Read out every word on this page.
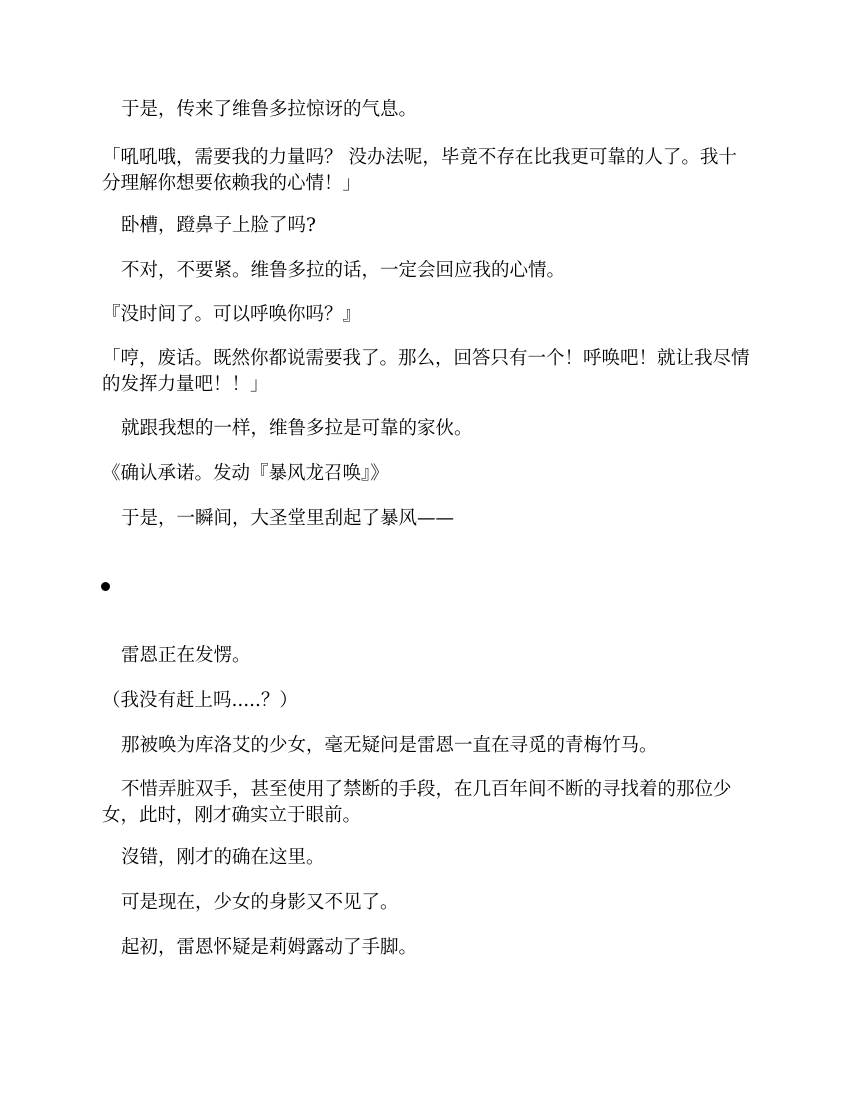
于是，传来了维鲁多拉惊讶的气息。

「吼吼哦，需要我的力量吗？ 没办法呢，毕竟不存在比我更可靠的人了。我十分理解你想要依赖我的心情！」

卧槽，蹬鼻子上脸了吗?

不对，不要紧。维鲁多拉的话，一定会回应我的心情。

『没时间了。可以呼唤你吗？』

「哼，废话。既然你都说需要我了。那么，回答只有一个！呼唤吧！就让我尽情的发挥力量吧！！」

就跟我想的一样，维鲁多拉是可靠的家伙。

《确认承诺。发动『暴风龙召唤』》

于是，一瞬间，大圣堂里刮起了暴风——

雷恩正在发愣。

（我没有赶上吗.....？）

那被唤为库洛艾的少女，毫无疑问是雷恩一直在寻觅的青梅竹马。

不惜弄脏双手，甚至使用了禁断的手段，在几百年间不断的寻找着的那位少女，此时，刚才确实立于眼前。

沒错，刚才的确在这里。

可是现在，少女的身影又不见了。

起初，雷恩怀疑是莉姆露动了手脚。
